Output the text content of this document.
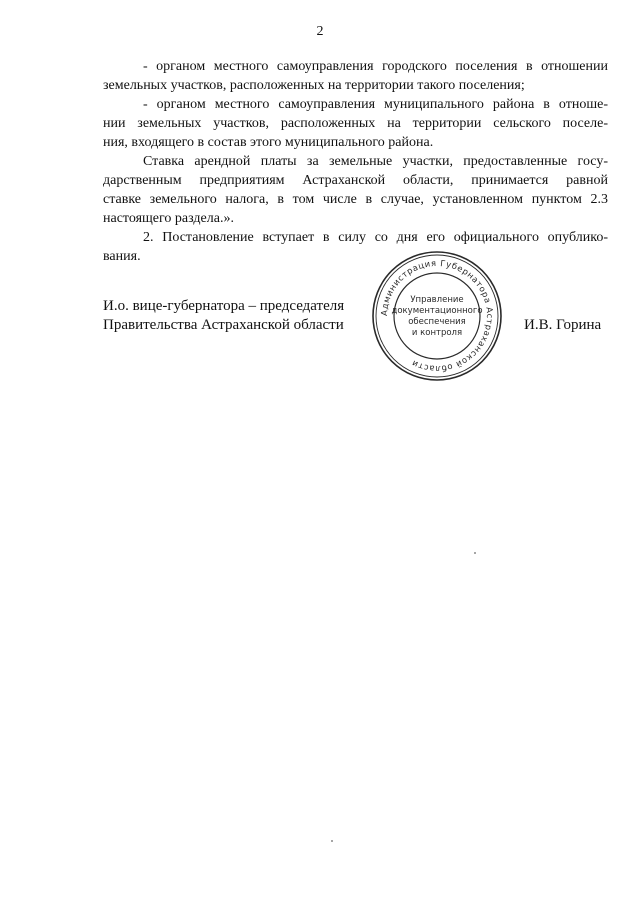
2
- органом местного самоуправления городского поселения в отношении
земельных участков, расположенных на территории такого поселения;
- органом местного самоуправления муниципального района в отноше-
нии земельных участков, расположенных на территории сельского поселе-
ния, входящего в состав этого муниципального района.
Ставка арендной платы за земельные участки, предоставленные госу-
дарственным предприятиям Астраханской области, принимается равной
ставке земельного налога, в том числе в случае, установленном пунктом 2.3
настоящего раздела.».
2. Постановление вступает в силу со дня его официального опублико-
вания.
И.о. вице-губернатора – председателя
Правительства Астраханской области
Администрация Губернатора Астраханской области
Управление
документационного
обеспечения
и контроля	И.В. Горина
